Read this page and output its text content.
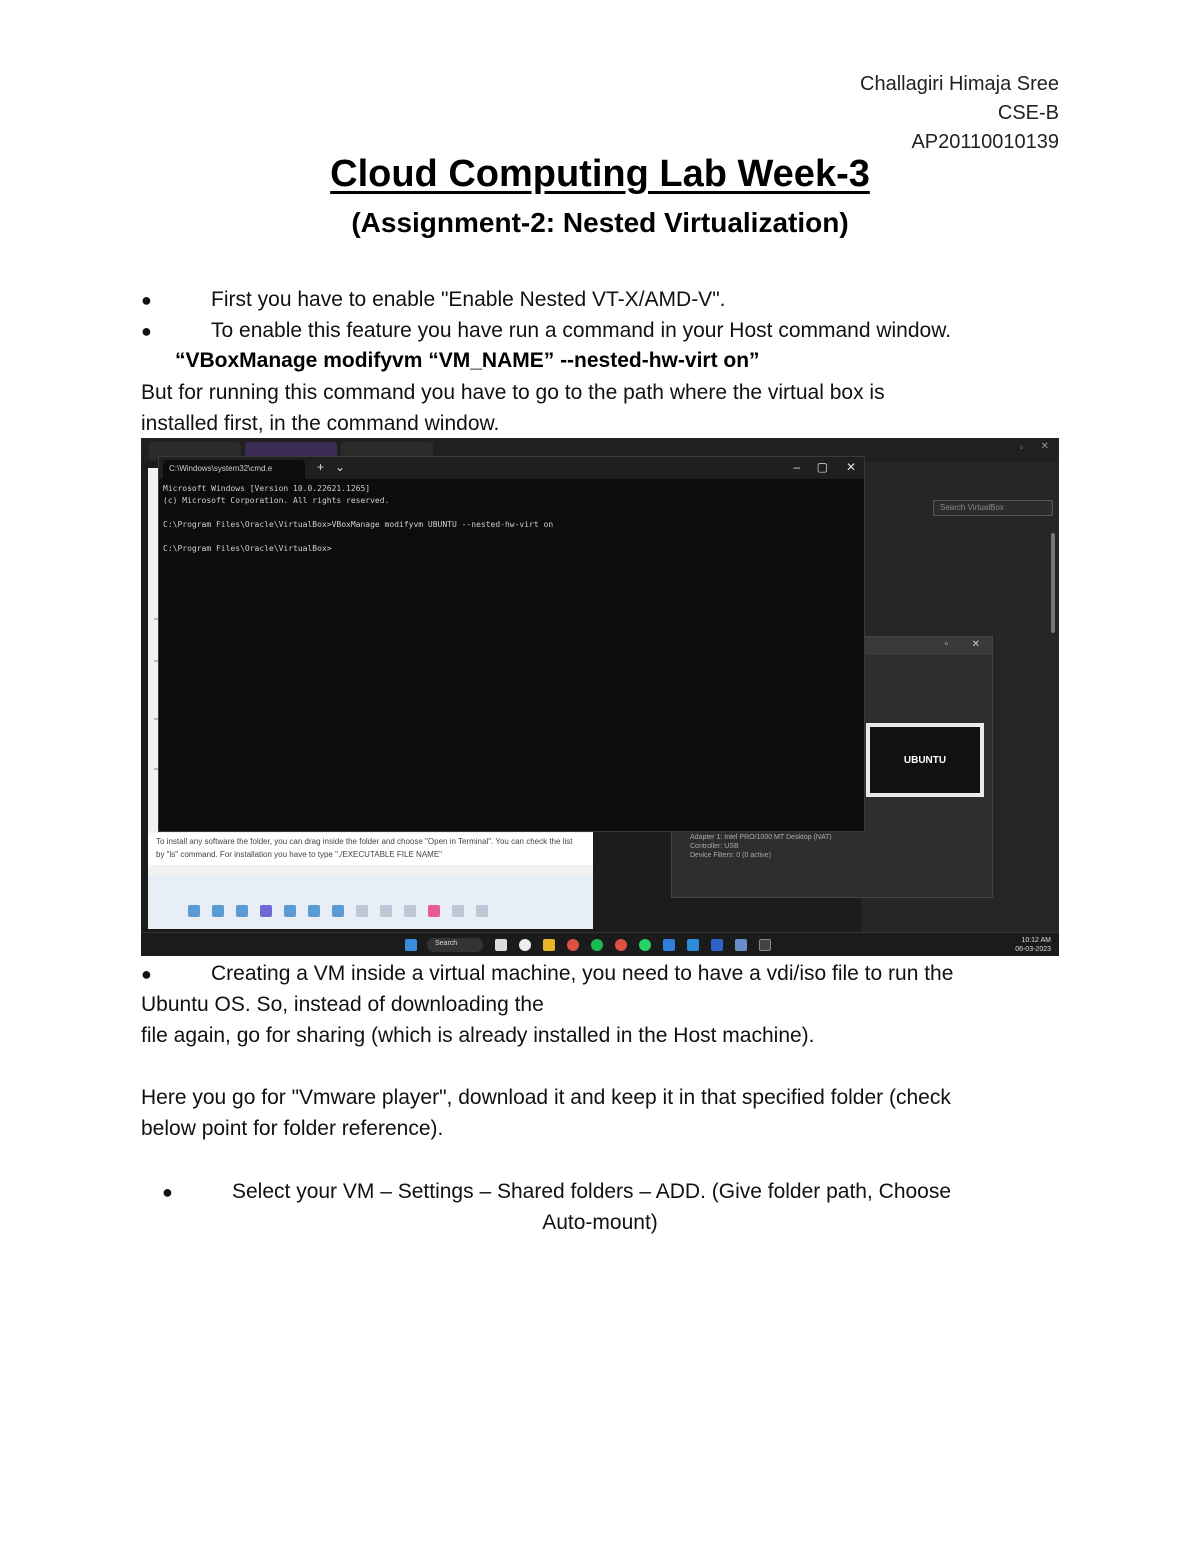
Challagiri Himaja Sree
CSE-B
AP20110010139
Cloud Computing Lab Week-3
(Assignment-2: Nested Virtualization)
●	First you have to enable "Enable Nested VT-X/AMD-V".
●	To enable this feature you have run a command in your Host command window.
“VBoxManage modifyvm “VM_NAME” --nested-hw-virt on”
But for running this command you have to go to the path where the virtual box is
installed first, in the command window.
▫ ✕
Search VirtualBox
To install any software the folder, you can drag inside the folder and choose "Open in Terminal". You can check the list
by "ls" command. For installation you have to type "./EXECUTABLE FILE NAME"
▫ ✕
UBUNTU
Adapter 1: Intel PRO/1000 MT Desktop (NAT)
Controller: USB
Device Filters: 0 (0 active)
C:\Windows\system32\cmd.e	+ ⌄	– ▢ ✕
Microsoft Windows [Version 10.0.22621.1265]
(c) Microsoft Corporation. All rights reserved.

C:\Program Files\Oracle\VirtualBox>VBoxManage modifyvm UBUNTU --nested-hw-virt on

C:\Program Files\Oracle\VirtualBox>
Search	10:12 AM
06-03-2023
●	Creating a VM inside a virtual machine, you need to have a vdi/iso file to run the
Ubuntu OS. So, instead of downloading the
file again, go for sharing (which is already installed in the Host machine).
Here you go for "Vmware player", download it and keep it in that specified folder (check
below point for folder reference).
●	Select your VM – Settings – Shared folders – ADD. (Give folder path, Choose
Auto-mount)
